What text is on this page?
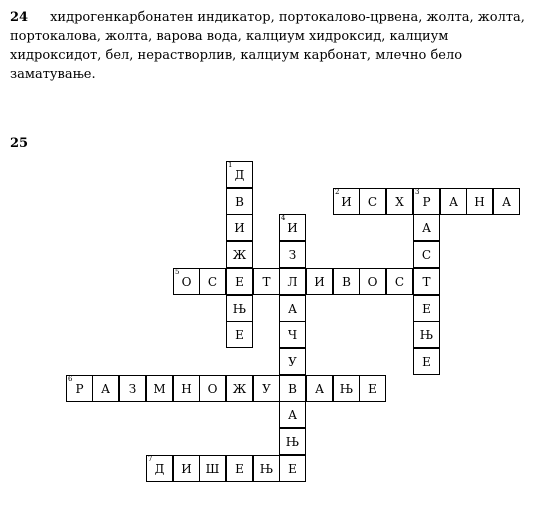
24 хидрогенкарбонатен индикатор, портокалово-црвена, жолта, жолта, портокалова, жолта, варова вода, калциум хидроксид, калциум хидроксидот, бел, нерастворлив, калциум карбонат, млечно бело заматување.
25
Д
1
В
И
Ж
Е
Њ
Е
И
2
С Х Р
3
А Н А
А
С
Т
Е
Њ
Е
И
4
З
Л
А
Ч
У
В
А
Њ
Е
О
5
С	Т	И В О С
Р
6
А З М Н О Ж У	А Њ Е
Д
7
И Ш Е Њ
